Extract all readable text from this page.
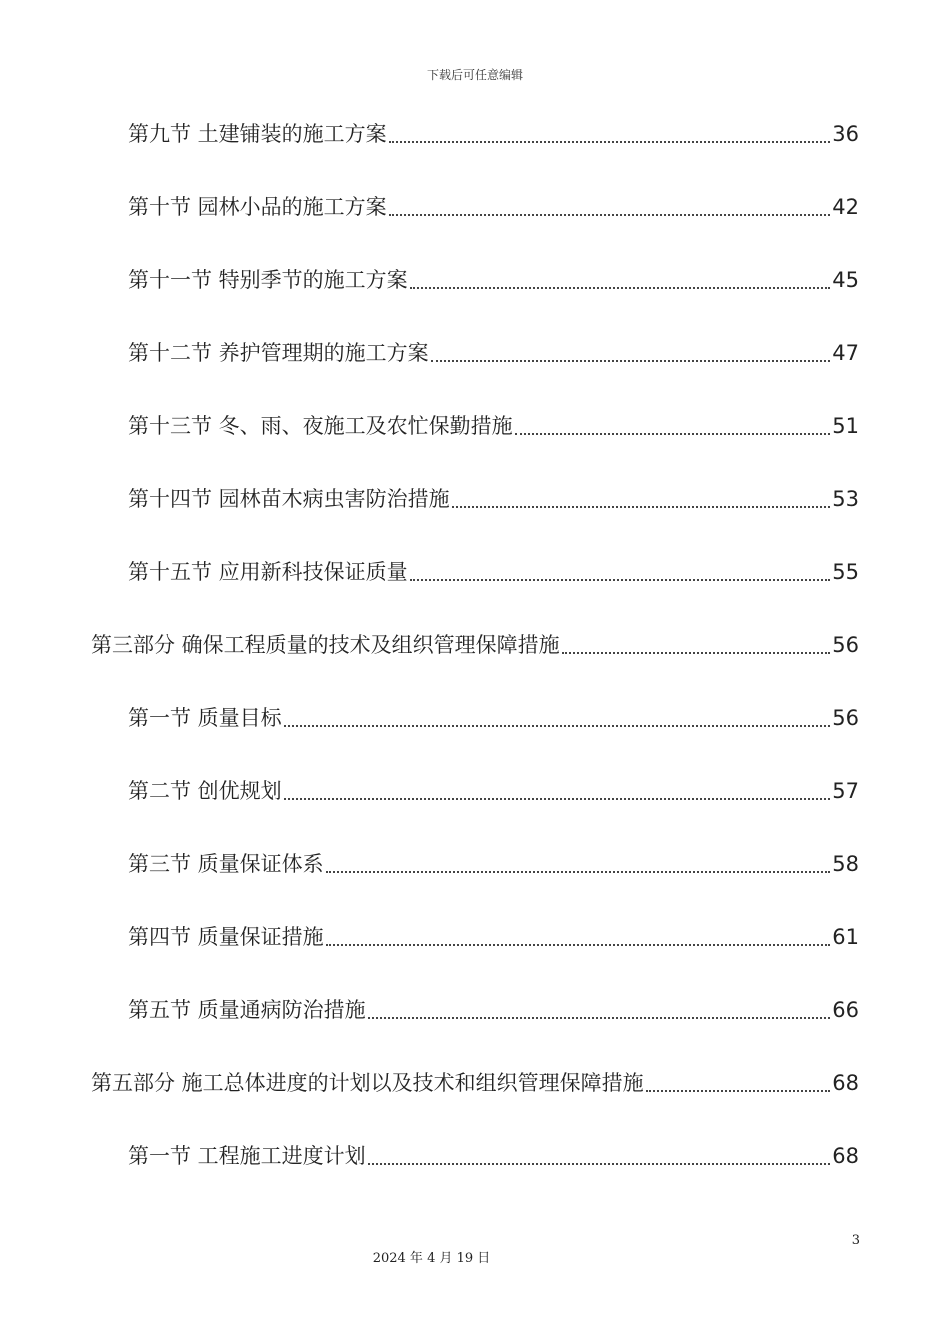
下载后可任意编辑
第九节 土建铺装的施工方案	36
第十节 园林小品的施工方案	42
第十一节 特别季节的施工方案	45
第十二节 养护管理期的施工方案	47
第十三节 冬、雨、夜施工及农忙保勤措施	51
第十四节 园林苗木病虫害防治措施	53
第十五节 应用新科技保证质量	55
第三部分 确保工程质量的技术及组织管理保障措施	56
第一节 质量目标	56
第二节 创优规划	57
第三节 质量保证体系	58
第四节 质量保证措施	61
第五节 质量通病防治措施	66
第五部分 施工总体进度的计划以及技术和组织管理保障措施	68
第一节 工程施工进度计划	68
3
2024 年 4 月 19 日
